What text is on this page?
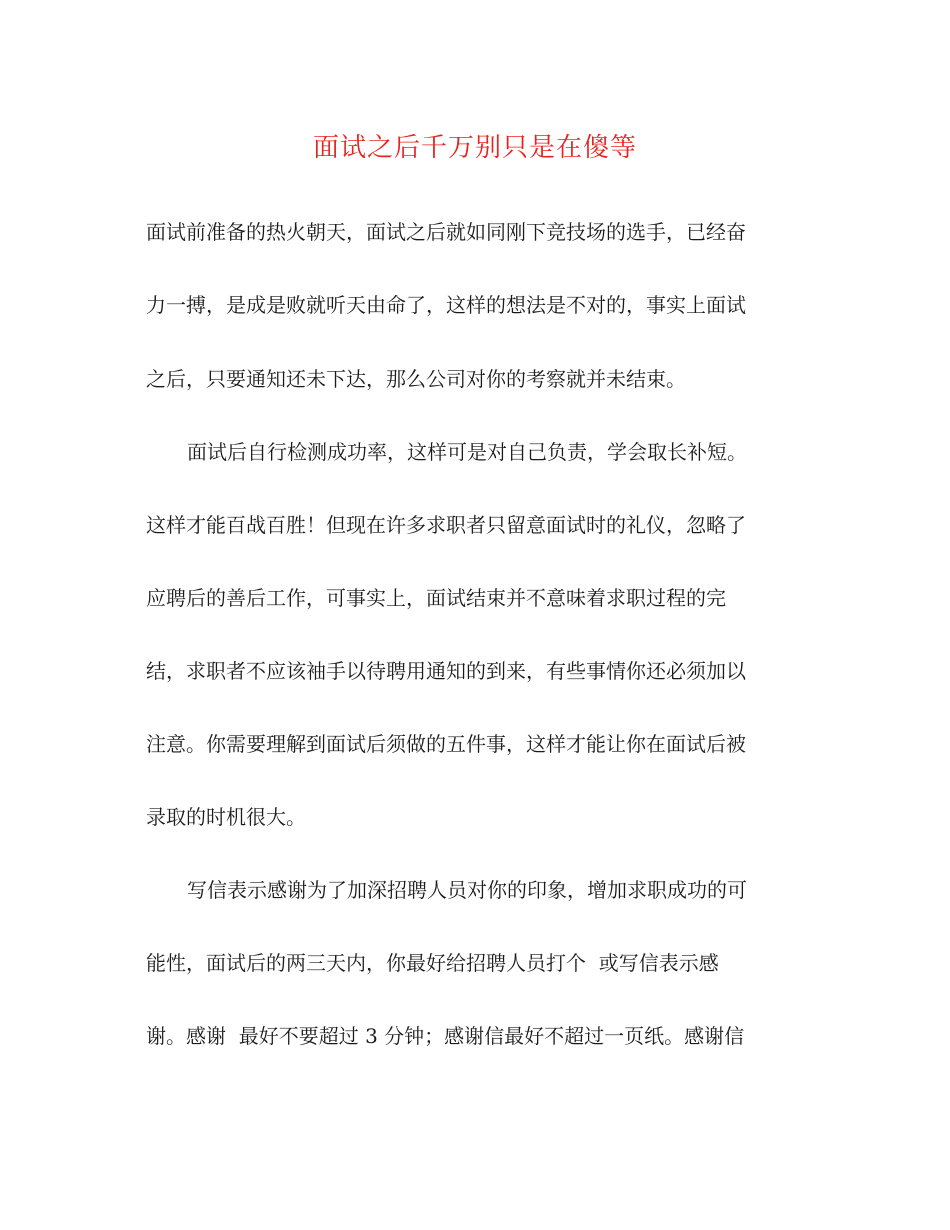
面试之后千万别只是在傻等
面试前准备的热火朝天，面试之后就如同刚下竞技场的选手，已经奋
力一搏，是成是败就听天由命了，这样的想法是不对的，事实上面试
之后，只要通知还未下达，那么公司对你的考察就并未结束。
面试后自行检测成功率，这样可是对自己负责，学会取长补短。
这样才能百战百胜！但现在许多求职者只留意面试时的礼仪，忽略了
应聘后的善后工作，可事实上，面试结束并不意味着求职过程的完
结，求职者不应该袖手以待聘用通知的到来，有些事情你还必须加以
注意。你需要理解到面试后须做的五件事，这样才能让你在面试后被
录取的时机很大。
写信表示感谢为了加深招聘人员对你的印象，增加求职成功的可
能性，面试后的两三天内，你最好给招聘人员打个  或写信表示感
谢。感谢  最好不要超过 3 分钟；感谢信最好不超过一页纸。感谢信
